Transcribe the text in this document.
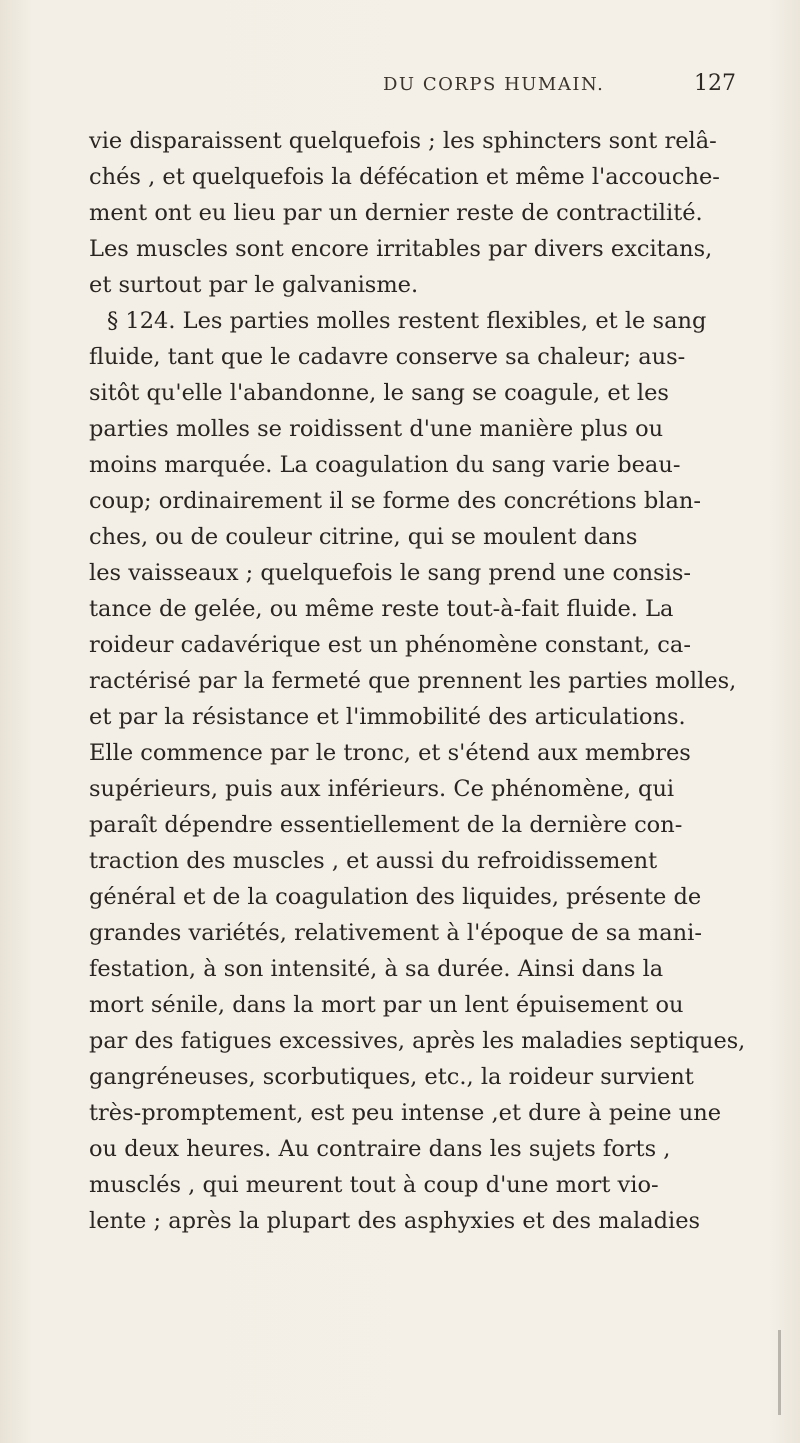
DU CORPS HUMAIN.	127
vie disparaissent quelquefois ; les sphincters sont relâ-
chés , et quelquefois la défécation et même l'accouche-
ment ont eu lieu par un dernier reste de contractilité.
Les muscles sont encore irritables par divers excitans,
et surtout par le galvanisme.
§ 124. Les parties molles restent flexibles, et le sang
fluide, tant que le cadavre conserve sa chaleur; aus-
sitôt qu'elle l'abandonne, le sang se coagule, et les
parties molles se roidissent d'une manière plus ou
moins marquée. La coagulation du sang varie beau-
coup; ordinairement il se forme des concrétions blan-
ches, ou de couleur citrine, qui se moulent dans
les vaisseaux ; quelquefois le sang prend une consis-
tance de gelée, ou même reste tout-à-fait fluide. La
roideur cadavérique est un phénomène constant, ca-
ractérisé par la fermeté que prennent les parties molles,
et par la résistance et l'immobilité des articulations.
Elle commence par le tronc, et s'étend aux membres
supérieurs, puis aux inférieurs. Ce phénomène, qui
paraît dépendre essentiellement de la dernière con-
traction des muscles , et aussi du refroidissement
général et de la coagulation des liquides, présente de
grandes variétés, relativement à l'époque de sa mani-
festation, à son intensité, à sa durée. Ainsi dans la
mort sénile, dans la mort par un lent épuisement ou
par des fatigues excessives, après les maladies septiques,
gangréneuses, scorbutiques, etc., la roideur survient
très-promptement, est peu intense ,et dure à peine une
ou deux heures. Au contraire dans les sujets forts ,
musclés , qui meurent tout à coup d'une mort vio-
lente ; après la plupart des asphyxies et des maladies
